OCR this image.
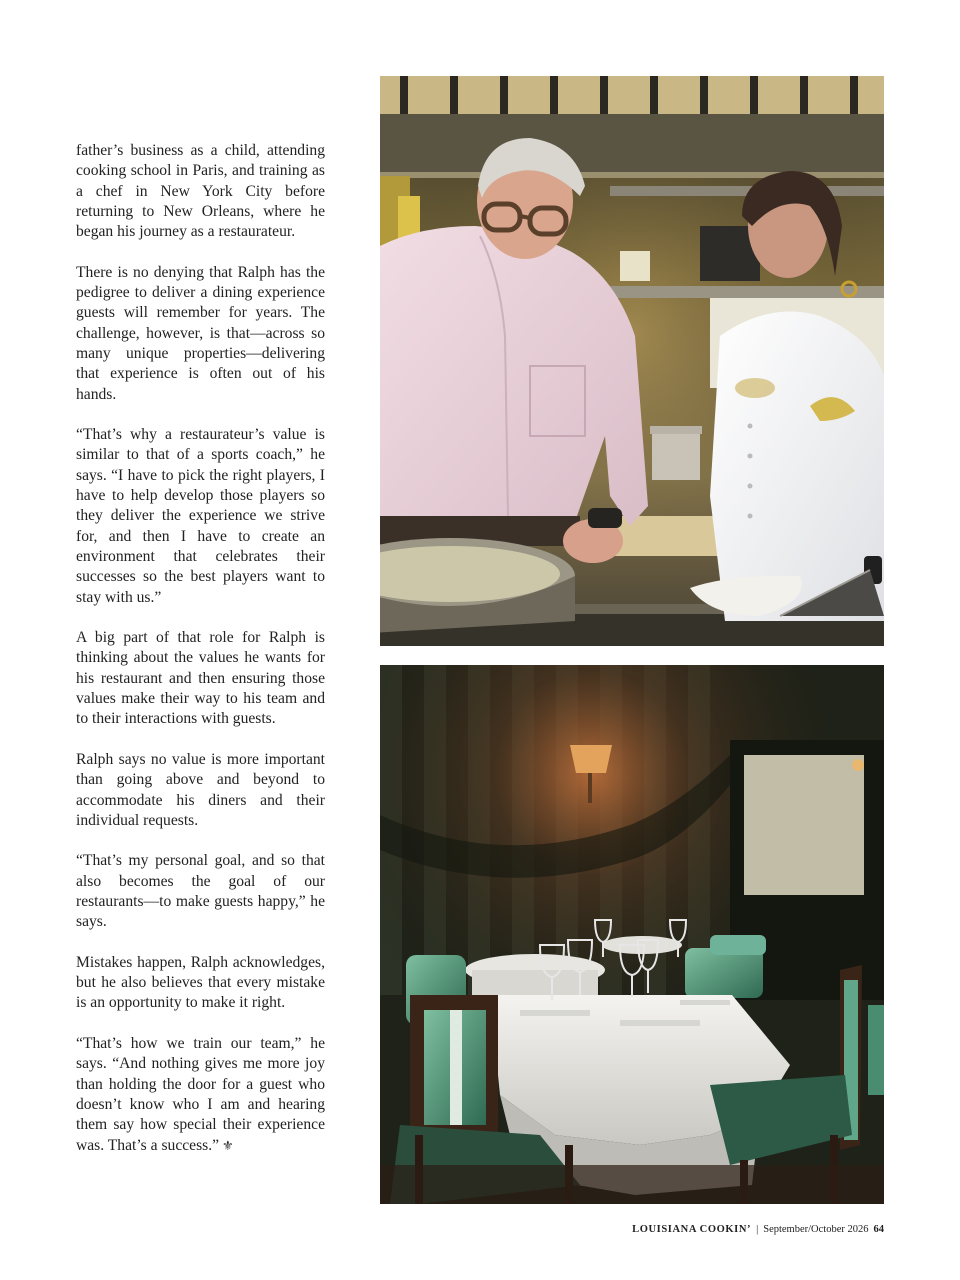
father’s business as a child, attending cooking school in Paris, and training as a chef in New York City before returning to New Orleans, where he began his journey as a restaurateur.

There is no denying that Ralph has the pedigree to deliver a dining experience guests will remember for years. The challenge, however, is that—across so many unique properties—delivering that experience is often out of his hands.

“That’s why a restaurateur’s value is similar to that of a sports coach,” he says. “I have to pick the right players, I have to help develop those players so they deliver the experience we strive for, and then I have to create an environment that celebrates their successes so the best players want to stay with us.”

A big part of that role for Ralph is thinking about the values he wants for his restaurant and then ensuring those values make their way to his team and to their interactions with guests.

Ralph says no value is more important than going above and beyond to accommodate his diners and their individual requests.

“That’s my personal goal, and so that also becomes the goal of our restaurants—to make guests happy,” he says.

Mistakes happen, Ralph acknowledges, but he also believes that every mistake is an opportunity to make it right.

“That’s how we train our team,” he says. “And nothing gives me more joy than holding the door for a guest who doesn’t know who I am and hearing them say how special their experience was. That’s a success.” ⚜

LOUISIANA COOKIN’ | September/October 2026 64
